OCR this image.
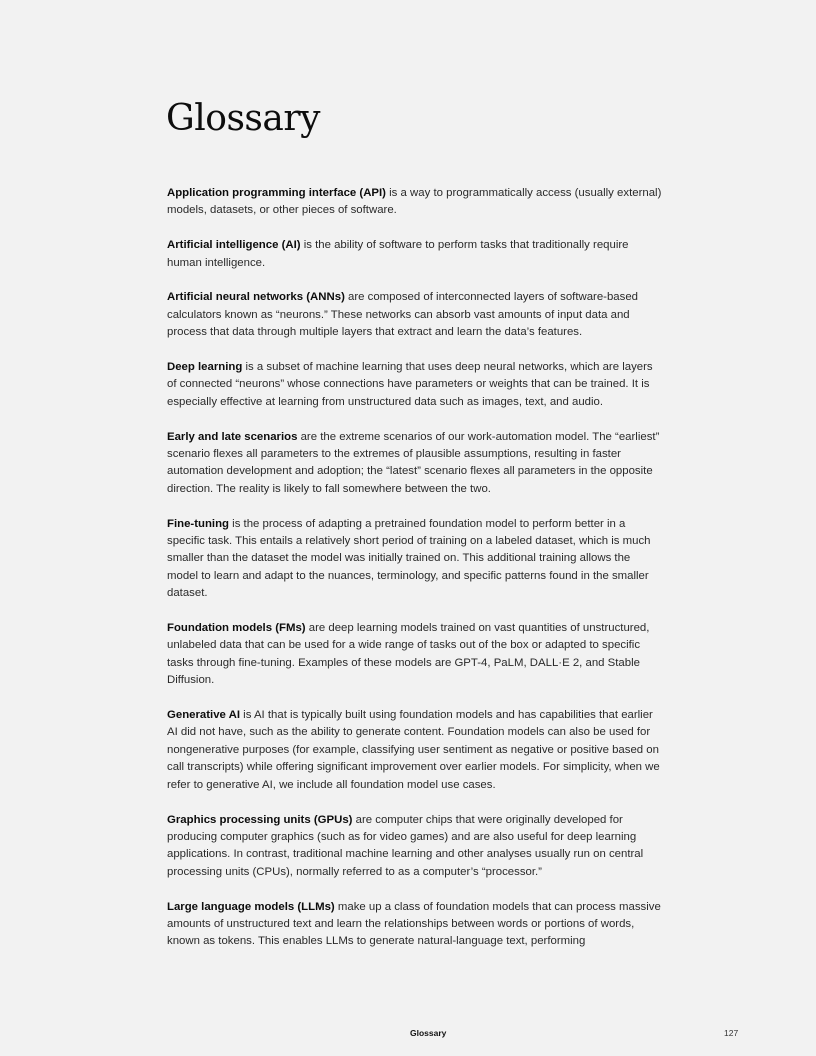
Glossary

Application programming interface (API) is a way to programmatically access (usually external) models, datasets, or other pieces of software.

Artificial intelligence (AI) is the ability of software to perform tasks that traditionally require human intelligence.

Artificial neural networks (ANNs) are composed of interconnected layers of software-based calculators known as “neurons.” These networks can absorb vast amounts of input data and process that data through multiple layers that extract and learn the data’s features.

Deep learning is a subset of machine learning that uses deep neural networks, which are layers of connected “neurons” whose connections have parameters or weights that can be trained. It is especially effective at learning from unstructured data such as images, text, and audio.

Early and late scenarios are the extreme scenarios of our work-automation model. The “earliest” scenario flexes all parameters to the extremes of plausible assumptions, resulting in faster automation development and adoption; the “latest” scenario flexes all parameters in the opposite direction. The reality is likely to fall somewhere between the two.

Fine-tuning is the process of adapting a pretrained foundation model to perform better in a specific task. This entails a relatively short period of training on a labeled dataset, which is much smaller than the dataset the model was initially trained on. This additional training allows the model to learn and adapt to the nuances, terminology, and specific patterns found in the smaller dataset.

Foundation models (FMs) are deep learning models trained on vast quantities of unstructured, unlabeled data that can be used for a wide range of tasks out of the box or adapted to specific tasks through fine-tuning. Examples of these models are GPT-4, PaLM, DALL·E 2, and Stable Diffusion.

Generative AI is AI that is typically built using foundation models and has capabilities that earlier AI did not have, such as the ability to generate content. Foundation models can also be used for nongenerative purposes (for example, classifying user sentiment as negative or positive based on call transcripts) while offering significant improvement over earlier models. For simplicity, when we refer to generative AI, we include all foundation model use cases.

Graphics processing units (GPUs) are computer chips that were originally developed for producing computer graphics (such as for video games) and are also useful for deep learning applications. In contrast, traditional machine learning and other analyses usually run on central processing units (CPUs), normally referred to as a computer’s “processor.”

Large language models (LLMs) make up a class of foundation models that can process massive amounts of unstructured text and learn the relationships between words or portions of words, known as tokens. This enables LLMs to generate natural-language text, performing

Glossary	127
